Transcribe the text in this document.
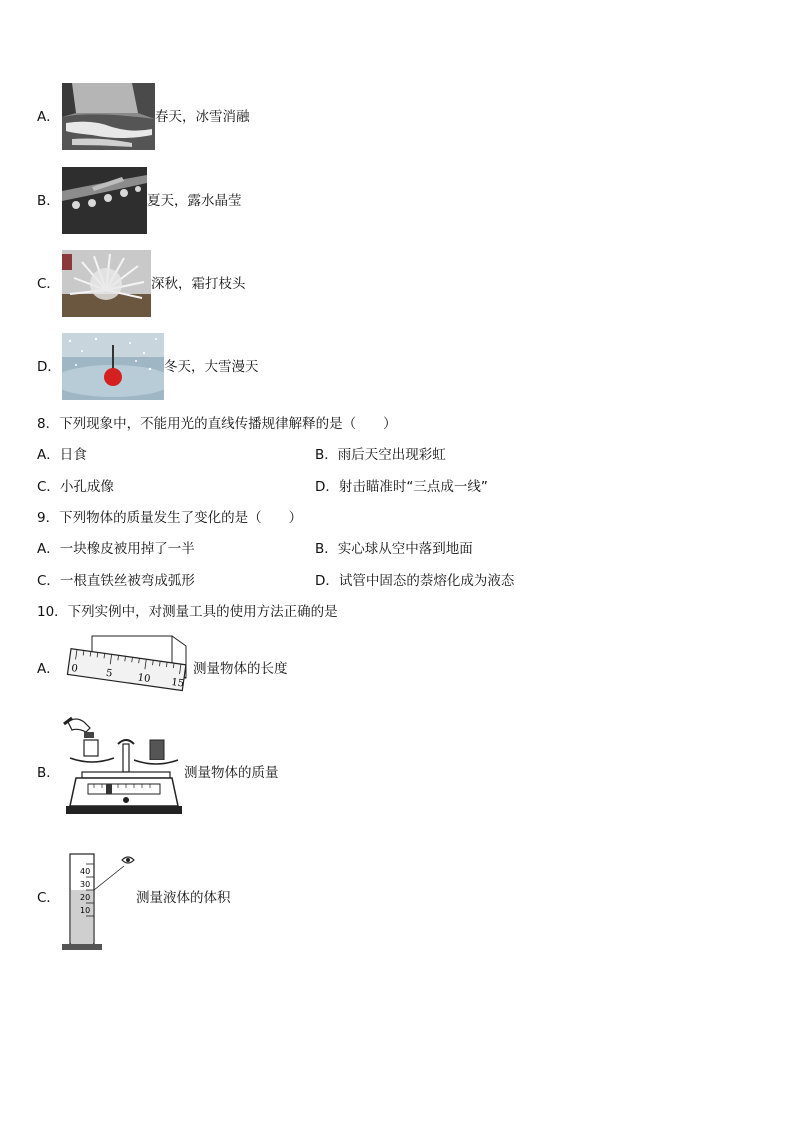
A．	春天，冰雪消融
B．	夏天，露水晶莹
C．	深秋，霜打枝头
D．	冬天，大雪漫天
8．下列现象中，不能用光的直线传播规律解释的是（　　）
A．日食	B．雨后天空出现彩虹
C．小孔成像	D．射击瞄准时“三点成一线”
9．下列物体的质量发生了变化的是（　　）
A．一块橡皮被用掉了一半	B．实心球从空中落到地面
C．一根直铁丝被弯成弧形	D．试管中固态的萘熔化成为液态
10．下列实例中，对测量工具的使用方法正确的是
A． 0	5 10 15
测量物体的长度
B．	测量物体的质量
C．
40
30
20
10
测量液体的体积
